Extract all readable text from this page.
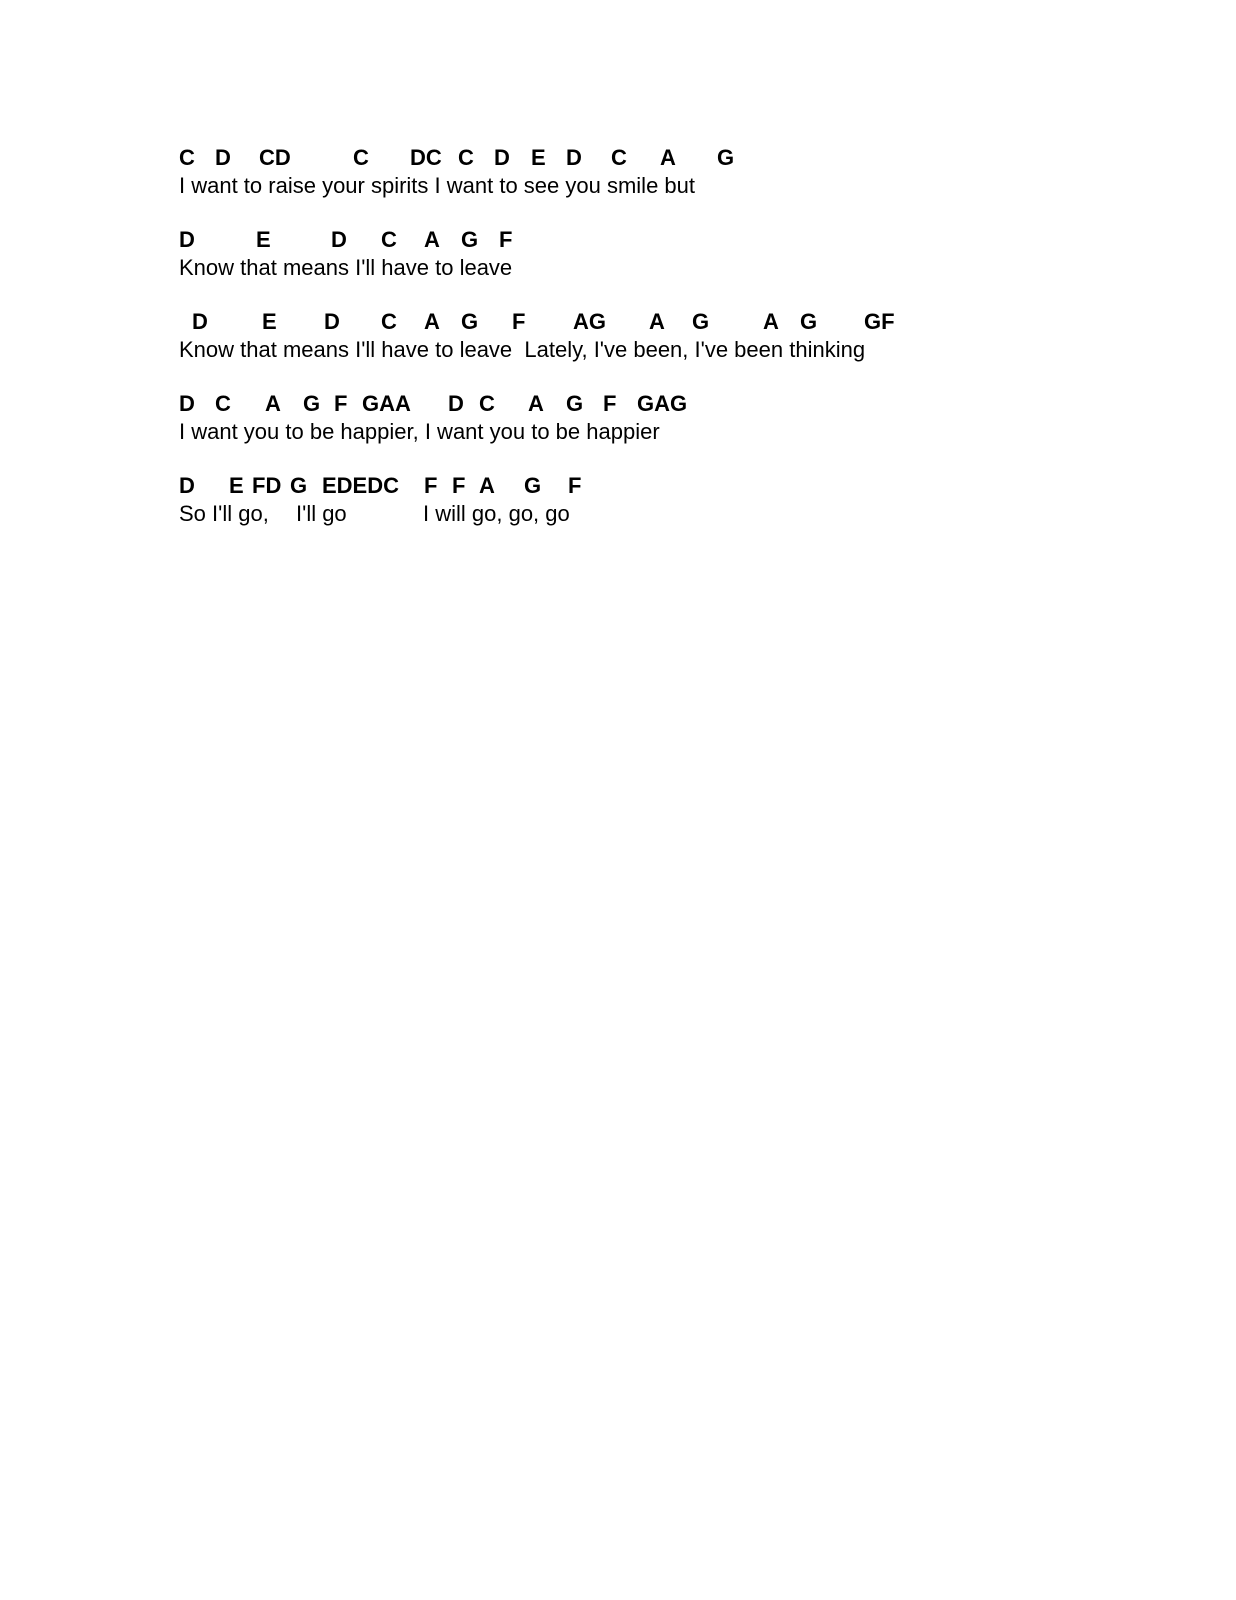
C D CD	C DC C D E D C A G
I want to raise your spirits I want to see you smile but
D	E	D C A G F
Know that means I'll have to leave
D E D C A G F AG A G A G GF
Know that means I'll have to leave  Lately, I've been, I've been thinking
D C A G F GAA D C A G F GAG
I want you to be happier, I want you to be happier
D E FD G EDEDC F F A G F
So I'll go, I'll go	I will go, go, go
